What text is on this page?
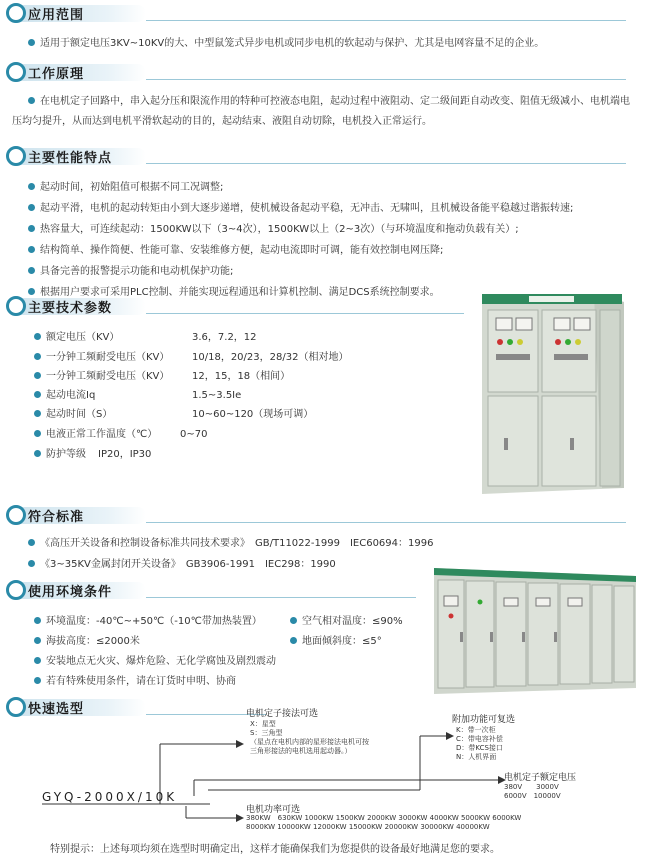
应用范围
适用于额定电压3KV~10KV的大、中型鼠笼式异步电机或同步电机的软起动与保护、尤其是电网容量不足的企业。
工作原理
在电机定子回路中，串入起分压和限流作用的特种可控液态电阻，起动过程中液阻动、定二级间距自动改变、阻值无级减小、电机端电压均匀提升，从而达到电机平滑软起动的目的，起动结束、液阻自动切除，电机投入正常运行。
主要性能特点
起动时间，初始阻值可根据不同工况调整;
起动平滑，电机的起动转矩由小到大逐步递增，使机械设备起动平稳，无冲击、无啸叫，且机械设备能平稳越过谐振转速;
热容量大，可连续起动：1500KW以下（3~4次），1500KW以上（2~3次）（与环境温度和拖动负载有关）;
结构简单、操作简便、性能可靠、安装维修方便，起动电流即时可调，能有效控制电网压降;
具备完善的报警提示功能和电动机保护功能;
根据用户要求可采用PLC控制、并能实现远程通迅和计算机控制、满足DCS系统控制要求。
主要技术参数
额定电压（KV）	3.6，7.2，12
一分钟工频耐受电压（KV） 10/18，20/23，28/32（相对地）
一分钟工频耐受电压（KV） 12，15，18（相间）
起动电流Iq	1.5~3.5Ie
起动时间（S）	10~60~120（现场可调）
电液正常工作温度（℃） 0~70
防护等级 IP20，IP30
符合标准
《高压开关设备和控制设备标准共同技术要求》　GB/T11022-1999　IEC60694：1996
《3~35KV金属封闭开关设备》　GB3906-1991　IEC298：1990
使用环境条件
环境温度：-40℃~+50℃（-10℃带加热装置）	空气相对温度：≤90%
海拔高度：≤2000米	地面倾斜度：≤5°
安装地点无火灾、爆炸危险、无化学腐蚀及剧烈震动
若有特殊使用条件，请在订货时申明、协商
快速选型
GYQ-2000X/10K
电机定子接法可选
X：星型
S：三角型
（星点在电机内部的星形接法电机可按
三角形接法的电机选用起动器。）
附加功能可复选
K：带一次柜
C：带电容补偿
D：带KCS接口
N：人机界面
电机定子额定电压
380V　　3000V
6000V　10000V
电机功率可选
380KW　630KW 1000KW 1500KW 2000KW 3000KW 4000KW 5000KW 6000KW
8000KW 10000KW 12000KW 15000KW 20000KW 30000KW 40000KW
特别提示：上述每项均须在选型时明确定出，这样才能确保我们为您提供的设备最好地满足您的要求。
